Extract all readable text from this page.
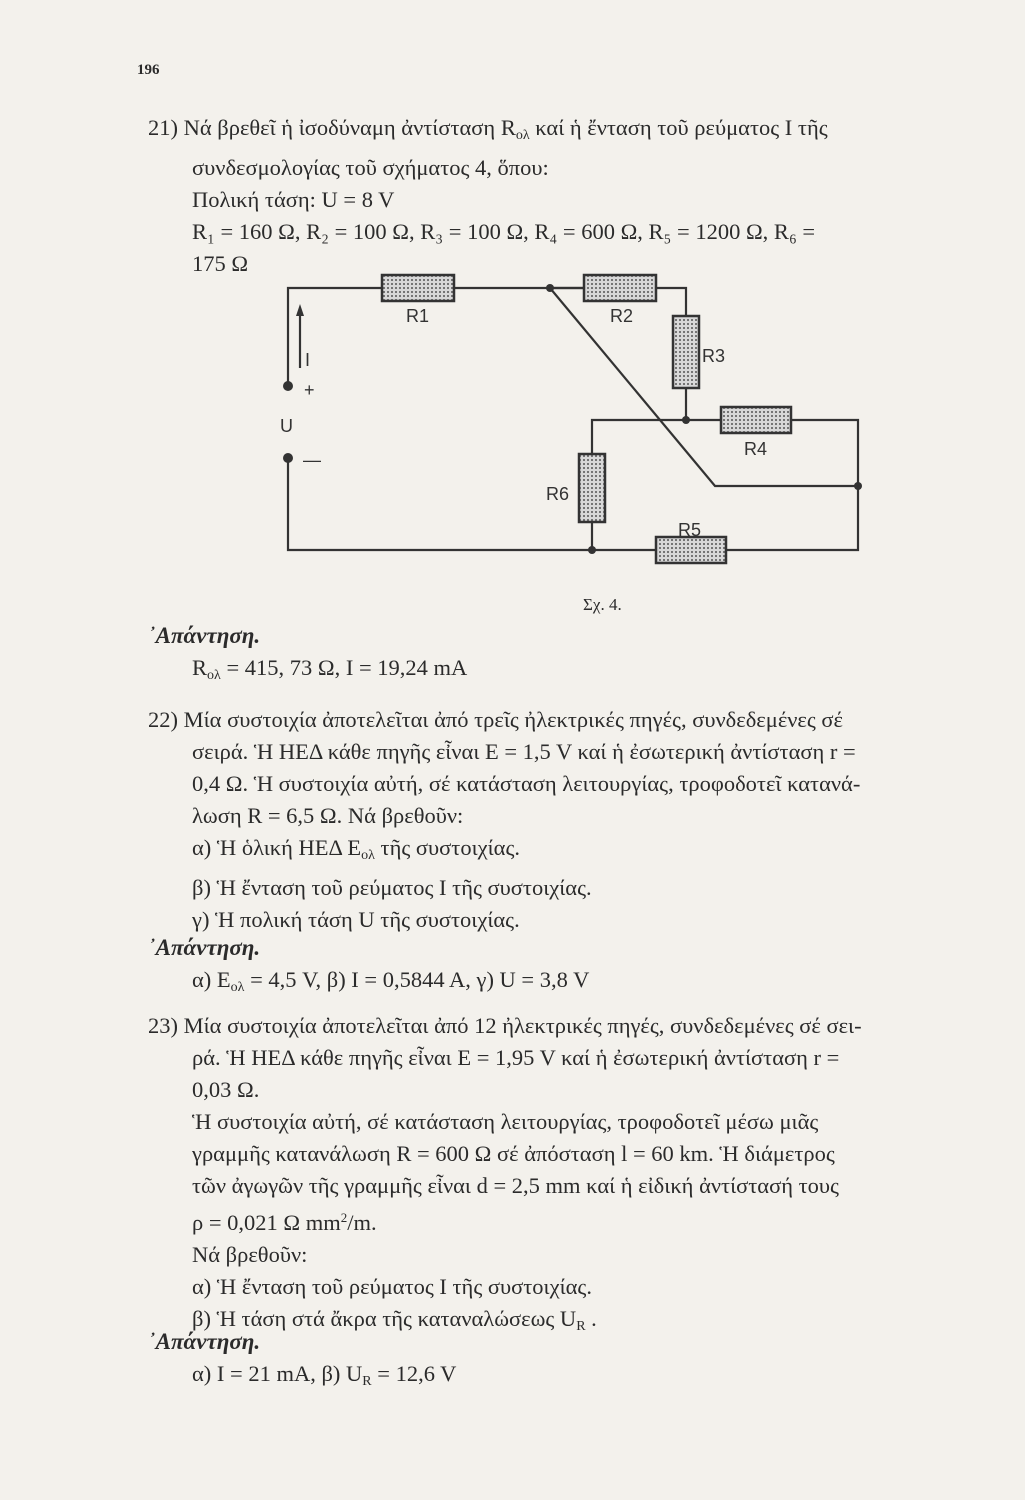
196
21) Νά βρεθεῖ ἡ ἰσοδύναμη ἀντίσταση $R_{o\lambda}$ καί ἡ ἔνταση τοῦ ρεύματος I τῆς
συνδεσμολογίας τοῦ σχήματος 4, ὅπου:
Πολική τάση: U = 8 V
R₁ = 160 Ω, R₂ = 100 Ω, R₃ = 100 Ω, R₄ = 600 Ω, R₅ = 1200 Ω, R₆ =
175 Ω
R1	R2
R3
R4
R5
R6
I
+
U
—
Σχ. 4.
᾿Απάντηση.
$R_{o\lambda} = 415$, 73 Ω, I = 19,24 mA
22) Μία συστοιχία ἀποτελεῖται ἀπό τρεῖς ἠλεκτρικές πηγές, συνδεδεμένες σέ
σειρά. Ἡ ΗΕΔ κάθε πηγῆς εἶναι E = 1,5 V καί ἡ ἐσωτερική ἀντίσταση r =
0,4 Ω. Ἡ συστοιχία αὐτή, σέ κατάσταση λειτουργίας, τροφοδοτεῖ κατανά-
λωση R = 6,5 Ω. Νά βρεθοῦν:
α) Ἡ ὁλική ΗΕΔ $E_{o\lambda}$ τῆς συστοιχίας.
β) Ἡ ἔνταση τοῦ ρεύματος I τῆς συστοιχίας.
γ) Ἡ πολική τάση U τῆς συστοιχίας.
᾿Απάντηση.
α) $E_{o\lambda} = 4,5$ V, β) I = 0,5844 A, γ) U = 3,8 V
23) Μία συστοιχία ἀποτελεῖται ἀπό 12 ἠλεκτρικές πηγές, συνδεδεμένες σέ σει-
ρά. Ἡ ΗΕΔ κάθε πηγῆς εἶναι E = 1,95 V καί ἡ ἐσωτερική ἀντίσταση r =
0,03 Ω.
Ἡ συστοιχία αὐτή, σέ κατάσταση λειτουργίας, τροφοδοτεῖ μέσω μιᾶς
γραμμῆς κατανάλωση R = 600 Ω σέ ἀπόσταση l = 60 km. Ἡ διάμετρος
τῶν ἀγωγῶν τῆς γραμμῆς εἶναι d = 2,5 mm καί ἡ εἰδική ἀντίστασή τους
ρ = 0,021 Ω $mm^2/m$.
Νά βρεθοῦν:
α) Ἡ ἔνταση τοῦ ρεύματος I τῆς συστοιχίας.
β) Ἡ τάση στά ἄκρα τῆς καταναλώσεως $U_R$ .
᾿Απάντηση.
α) I = 21 mA, β) $U_R = 12,6$ V
